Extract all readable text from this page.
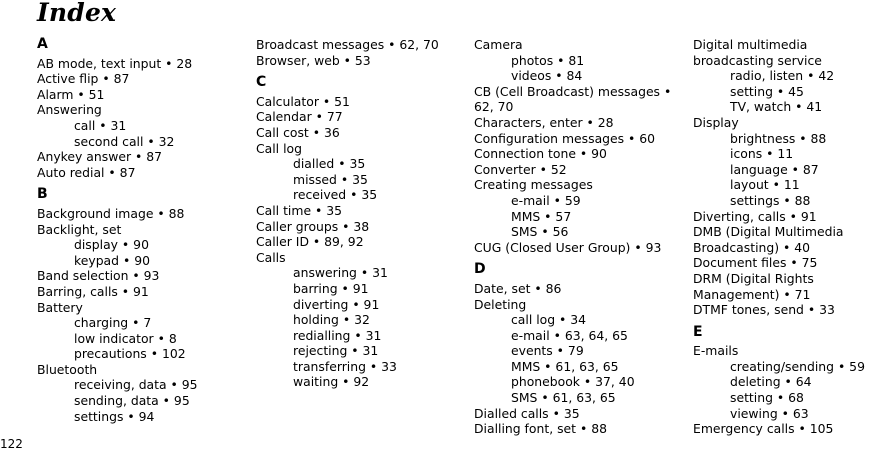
Index
A
AB mode, text input • 28
Active flip • 87
Alarm • 51
Answering
call • 31
second call • 32
Anykey answer • 87
Auto redial • 87
B
Background image • 88
Backlight, set
display • 90
keypad • 90
Band selection • 93
Barring, calls • 91
Battery
charging • 7
low indicator • 8
precautions • 102
Bluetooth
receiving, data • 95
sending, data • 95
settings • 94
Broadcast messages • 62, 70
Browser, web • 53
C
Calculator • 51
Calendar • 77
Call cost • 36
Call log
dialled • 35
missed • 35
received • 35
Call time • 35
Caller groups • 38
Caller ID • 89, 92
Calls
answering • 31
barring • 91
diverting • 91
holding • 32
redialling • 31
rejecting • 31
transferring • 33
waiting • 92
Camera
photos • 81
videos • 84
CB (Cell Broadcast) messages •
62, 70
Characters, enter • 28
Configuration messages • 60
Connection tone • 90
Converter • 52
Creating messages
e-mail • 59
MMS • 57
SMS • 56
CUG (Closed User Group) • 93
D
Date, set • 86
Deleting
call log • 34
e-mail • 63, 64, 65
events • 79
MMS • 61, 63, 65
phonebook • 37, 40
SMS • 61, 63, 65
Dialled calls • 35
Dialling font, set • 88
Digital multimedia
broadcasting service
radio, listen • 42
setting • 45
TV, watch • 41
Display
brightness • 88
icons • 11
language • 87
layout • 11
settings • 88
Diverting, calls • 91
DMB (Digital Multimedia
Broadcasting) • 40
Document files • 75
DRM (Digital Rights
Management) • 71
DTMF tones, send • 33
E
E-mails
creating/sending • 59
deleting • 64
setting • 68
viewing • 63
Emergency calls • 105
122
